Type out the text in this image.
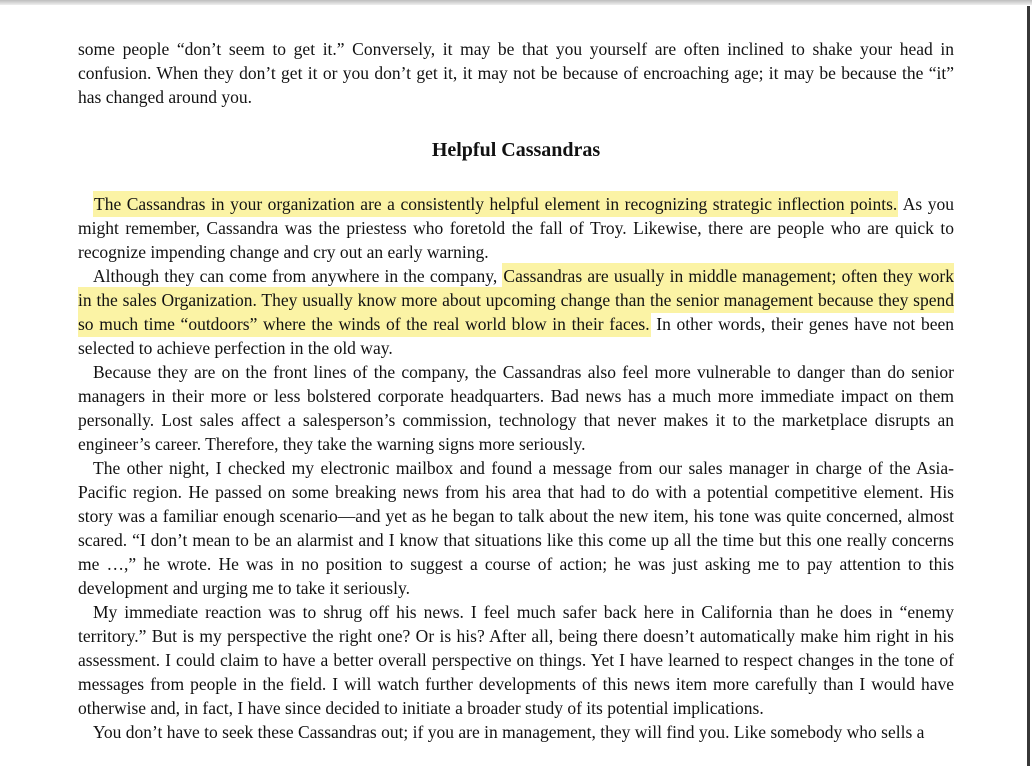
some people “don’t seem to get it.” Conversely, it may be that you yourself are often inclined to shake your head in confusion. When they don’t get it or you don’t get it, it may not be because of encroaching age; it may be because the “it” has changed around you.

Helpful Cassandras

The Cassandras in your organization are a consistently helpful element in recognizing strategic inflection points. As you might remember, Cassandra was the priestess who foretold the fall of Troy. Likewise, there are people who are quick to recognize impending change and cry out an early warning.

Although they can come from anywhere in the company, Cassandras are usually in middle management; often they work in the sales Organization. They usually know more about upcoming change than the senior management because they spend so much time “outdoors” where the winds of the real world blow in their faces. In other words, their genes have not been selected to achieve perfection in the old way.

Because they are on the front lines of the company, the Cassandras also feel more vulnerable to danger than do senior managers in their more or less bolstered corporate headquarters. Bad news has a much more immediate impact on them personally. Lost sales affect a salesperson’s commission, technology that never makes it to the marketplace disrupts an engineer’s career. Therefore, they take the warning signs more seriously.

The other night, I checked my electronic mailbox and found a message from our sales manager in charge of the Asia-Pacific region. He passed on some breaking news from his area that had to do with a potential competitive element. His story was a familiar enough scenario—and yet as he began to talk about the new item, his tone was quite concerned, almost scared. “I don’t mean to be an alarmist and I know that situations like this come up all the time but this one really concerns me …,” he wrote. He was in no position to suggest a course of action; he was just asking me to pay attention to this development and urging me to take it seriously.

My immediate reaction was to shrug off his news. I feel much safer back here in California than he does in “enemy territory.” But is my perspective the right one? Or is his? After all, being there doesn’t automatically make him right in his assessment. I could claim to have a better overall perspective on things. Yet I have learned to respect changes in the tone of messages from people in the field. I will watch further developments of this news item more carefully than I would have otherwise and, in fact, I have since decided to initiate a broader study of its potential implications.

You don’t have to seek these Cassandras out; if you are in management, they will find you. Like somebody who sells a
